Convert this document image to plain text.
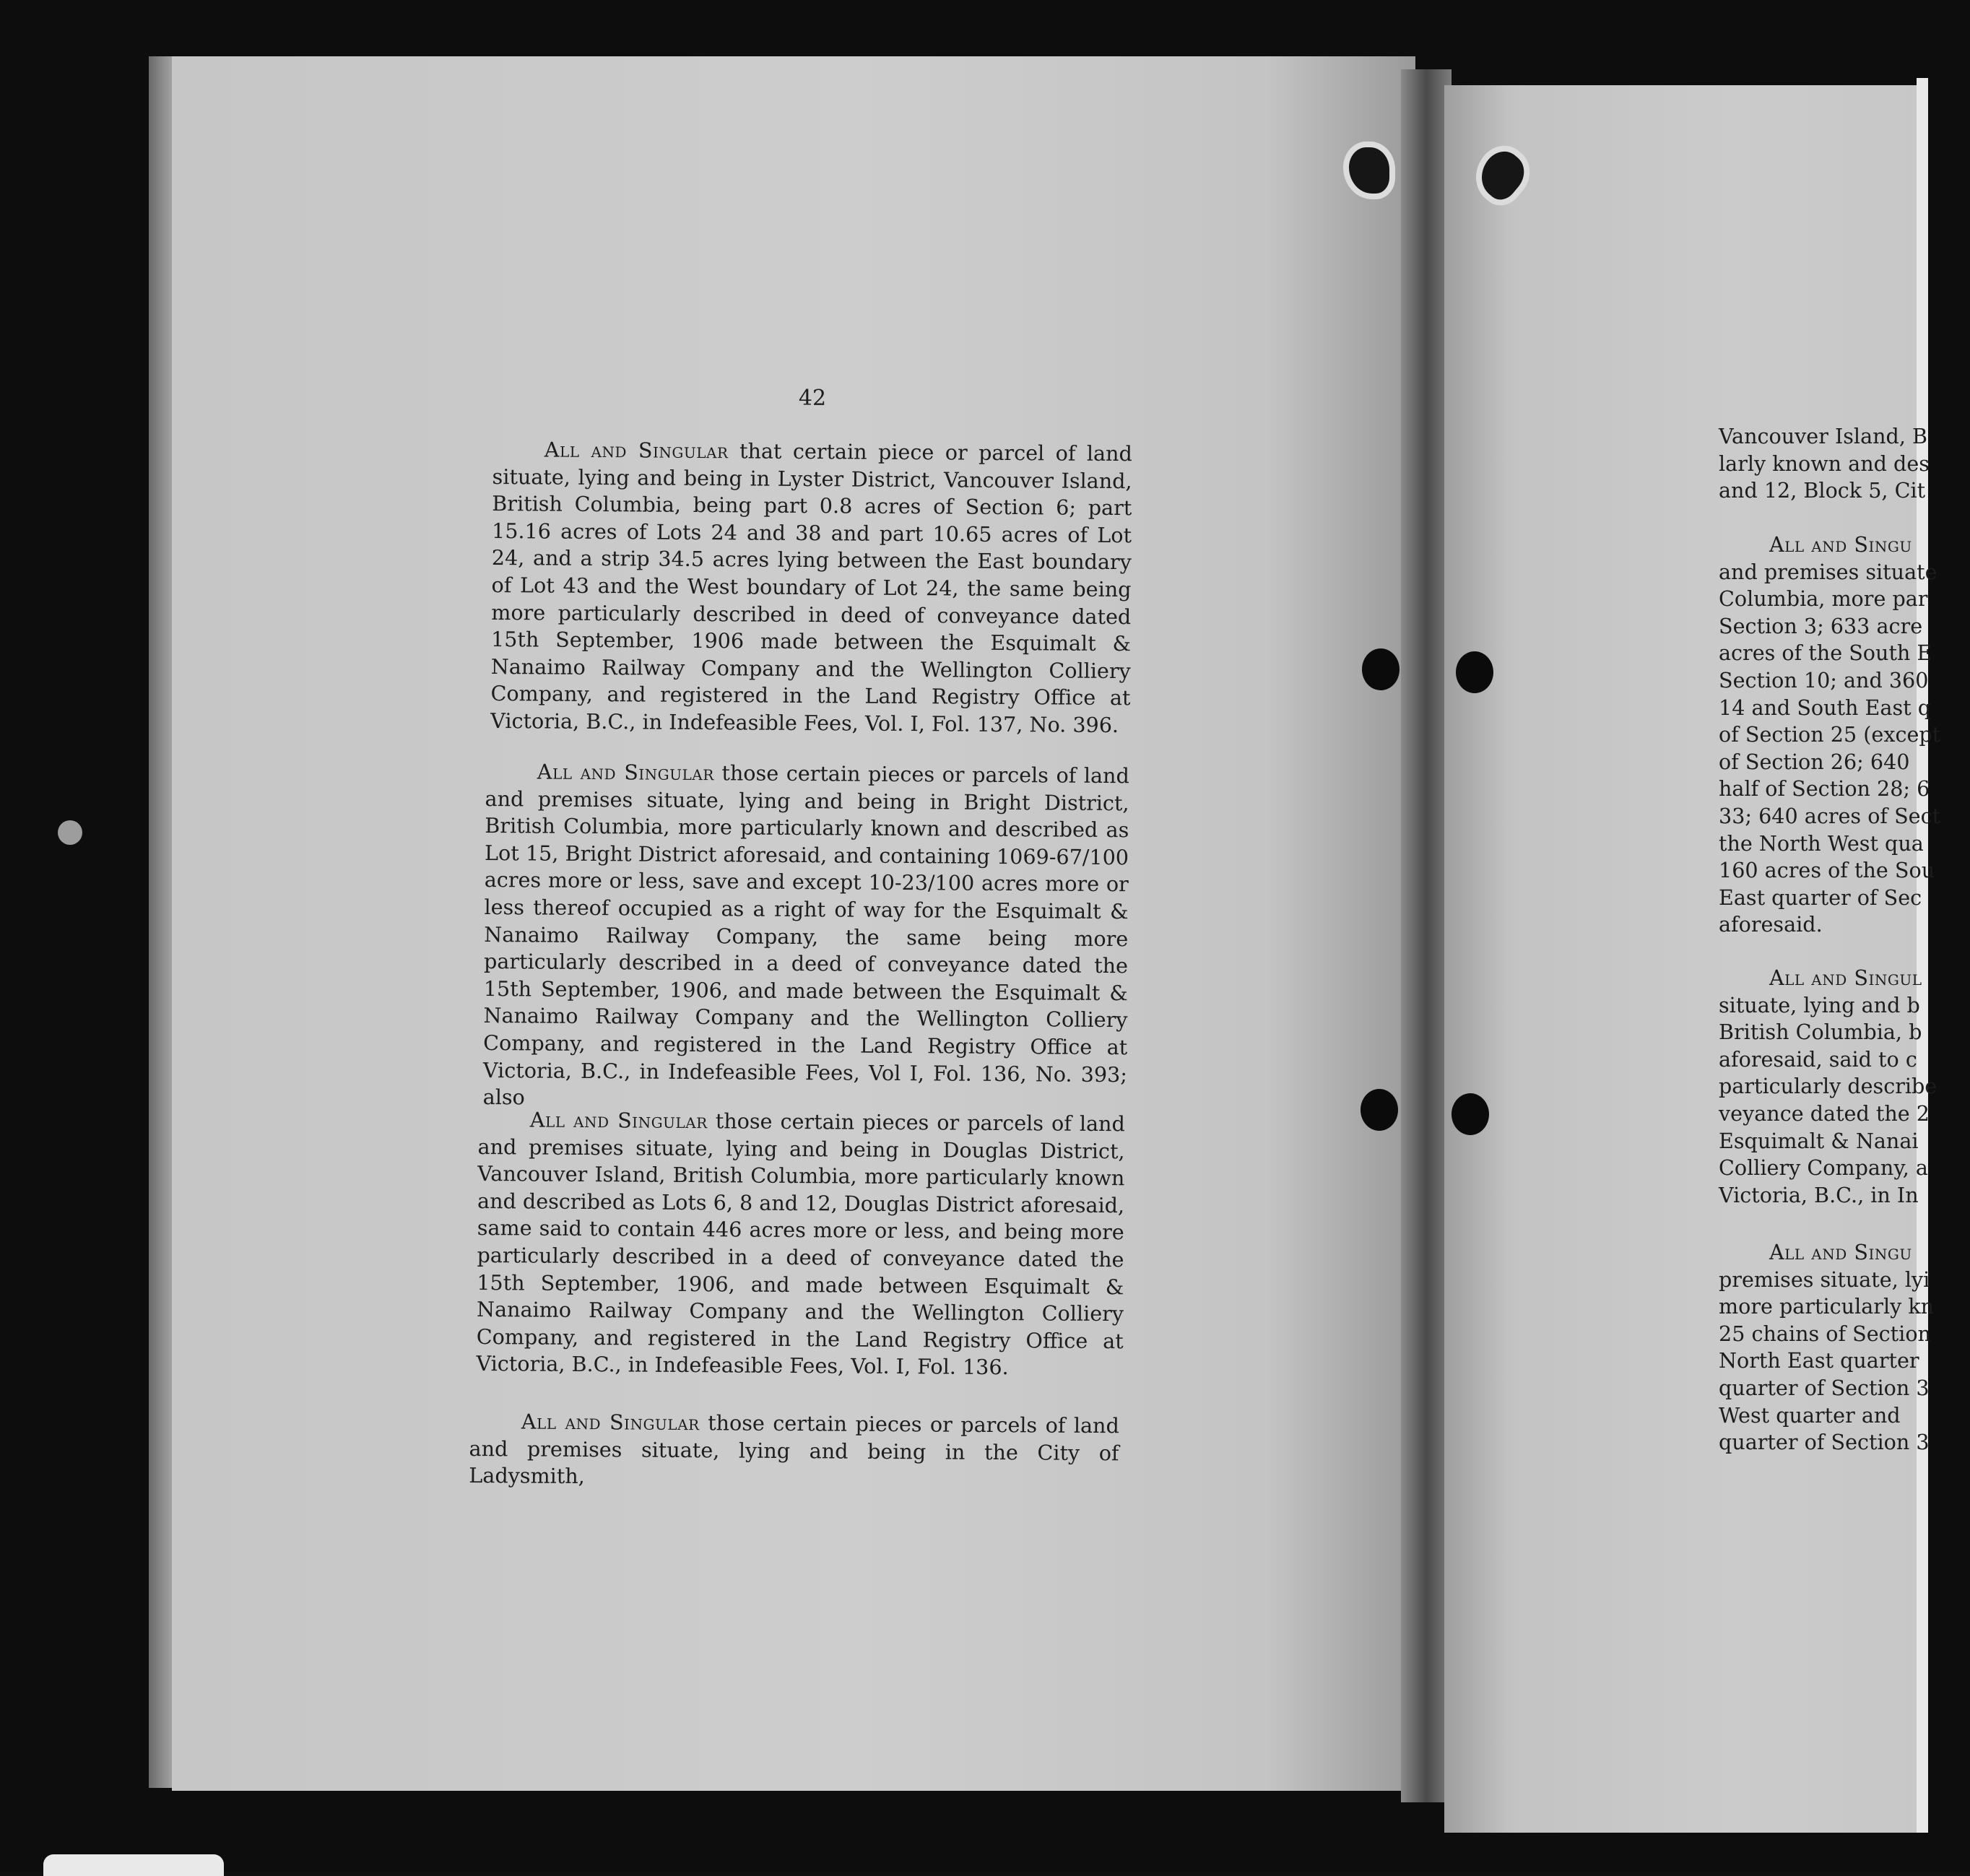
42

All and Singular that certain piece or parcel of land situate, lying and being in Lyster District, Vancouver Island, British Columbia, being part 0.8 acres of Section 6; part 15.16 acres of Lots 24 and 38 and part 10.65 acres of Lot 24, and a strip 34.5 acres lying between the East boundary of Lot 43 and the West boundary of Lot 24, the same being more particularly described in deed of conveyance dated 15th September, 1906 made between the Esquimalt & Nanaimo Railway Company and the Wellington Colliery Company, and registered in the Land Registry Office at Victoria, B.C., in Indefeasible Fees, Vol. I, Fol. 137, No. 396.

All and Singular those certain pieces or parcels of land and premises situate, lying and being in Bright District, British Columbia, more particularly known and described as Lot 15, Bright District aforesaid, and containing 1069-67/100 acres more or less, save and except 10-23/100 acres more or less thereof occupied as a right of way for the Esquimalt & Nanaimo Railway Company, the same being more particularly described in a deed of conveyance dated the 15th September, 1906, and made between the Esquimalt & Nanaimo Railway Company and the Wellington Colliery Company, and registered in the Land Registry Office at Victoria, B.C., in Indefeasible Fees, Vol I, Fol. 136, No. 393; also

All and Singular those certain pieces or parcels of land and premises situate, lying and being in Douglas District, Vancouver Island, British Columbia, more particularly known and described as Lots 6, 8 and 12, Douglas District aforesaid, same said to contain 446 acres more or less, and being more particularly described in a deed of conveyance dated the 15th September, 1906, and made between Esquimalt & Nanaimo Railway Company and the Wellington Colliery Company, and registered in the Land Registry Office at Victoria, B.C., in Indefeasible Fees, Vol. I, Fol. 136.

All and Singular those certain pieces or parcels of land and premises situate, lying and being in the City of Ladysmith,

Vancouver Island, B
larly known and des
and 12, Block 5, Cit
All and Singu
and premises situate
Columbia, more par
Section 3; 633 acre
acres of the South E
Section 10; and 360
14 and South East q
of Section 25 (except
of Section 26; 640
half of Section 28; 6
33; 640 acres of Sect
the North West qua
160 acres of the Sou
East quarter of Sec
aforesaid.
All and Singul
situate, lying and b
British Columbia, b
aforesaid, said to c
particularly describe
veyance dated the 2
Esquimalt & Nanai
Colliery Company, a
Victoria, B.C., in In
All and Singu
premises situate, lyi
more particularly kn
25 chains of Section
North East quarter
quarter of Section 3
West quarter and
quarter of Section 3
